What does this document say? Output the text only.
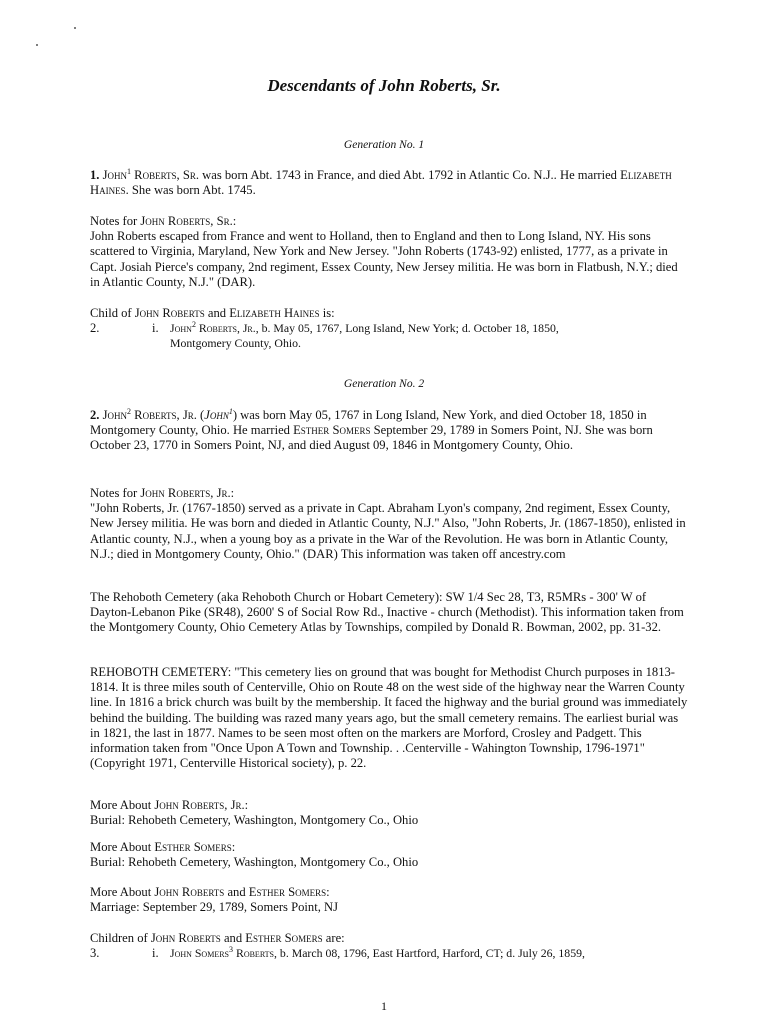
Descendants of John Roberts, Sr.
Generation No. 1
1. John$^1$ Roberts, Sr. was born Abt. 1743 in France, and died Abt. 1792 in Atlantic Co. N.J.. He married Elizabeth Haines. She was born Abt. 1745.
Notes for John Roberts, Sr.:
John Roberts escaped from France and went to Holland, then to England and then to Long Island, NY. His sons scattered to Virginia, Maryland, New York and New Jersey. "John Roberts (1743-92) enlisted, 1777, as a private in Capt. Josiah Pierce's company, 2nd regiment, Essex County, New Jersey militia. He was born in Flatbush, N.Y.; died in Atlantic County, N.J." (DAR).
Child of John Roberts and Elizabeth Haines is:
2.	i. John$^2$ Roberts, Jr., b. May 05, 1767, Long Island, New York; d. October 18, 1850,
Montgomery County, Ohio.
Generation No. 2
2. John$^2$ Roberts, Jr. (John$^1$) was born May 05, 1767 in Long Island, New York, and died October 18, 1850 in Montgomery County, Ohio. He married Esther Somers September 29, 1789 in Somers Point, NJ. She was born October 23, 1770 in Somers Point, NJ, and died August 09, 1846 in Montgomery County, Ohio.
Notes for John Roberts, Jr.:
"John Roberts, Jr. (1767-1850) served as a private in Capt. Abraham Lyon's company, 2nd regiment, Essex County, New Jersey militia. He was born and dieded in Atlantic County, N.J." Also, "John Roberts, Jr. (1867-1850), enlisted in Atlantic county, N.J., when a young boy as a private in the War of the Revolution. He was born in Atlantic County, N.J.; died in Montgomery County, Ohio." (DAR) This information was taken off ancestry.com
The Rehoboth Cemetery (aka Rehoboth Church or Hobart Cemetery): SW 1/4 Sec 28, T3, R5MRs - 300' W of Dayton-Lebanon Pike (SR48), 2600' S of Social Row Rd., Inactive - church (Methodist). This information taken from the Montgomery County, Ohio Cemetery Atlas by Townships, compiled by Donald R. Bowman, 2002, pp. 31-32.
REHOBOTH CEMETERY: "This cemetery lies on ground that was bought for Methodist Church purposes in 1813-1814. It is three miles south of Centerville, Ohio on Route 48 on the west side of the highway near the Warren County line. In 1816 a brick church was built by the membership. It faced the highway and the burial ground was immediately behind the building. The building was razed many years ago, but the small cemetery remains. The earliest burial was in 1821, the last in 1877. Names to be seen most often on the markers are Morford, Crosley and Padgett. This information taken from "Once Upon A Town and Township. . .Centerville - Wahington Township, 1796-1971" (Copyright 1971, Centerville Historical society), p. 22.
More About John Roberts, Jr.:
Burial: Rehobeth Cemetery, Washington, Montgomery Co., Ohio
More About Esther Somers:
Burial: Rehobeth Cemetery, Washington, Montgomery Co., Ohio
More About John Roberts and Esther Somers:
Marriage: September 29, 1789, Somers Point, NJ
Children of John Roberts and Esther Somers are:
3.	i. John Somers$^3$ Roberts, b. March 08, 1796, East Hartford, Harford, CT; d. July 26, 1859,
1
